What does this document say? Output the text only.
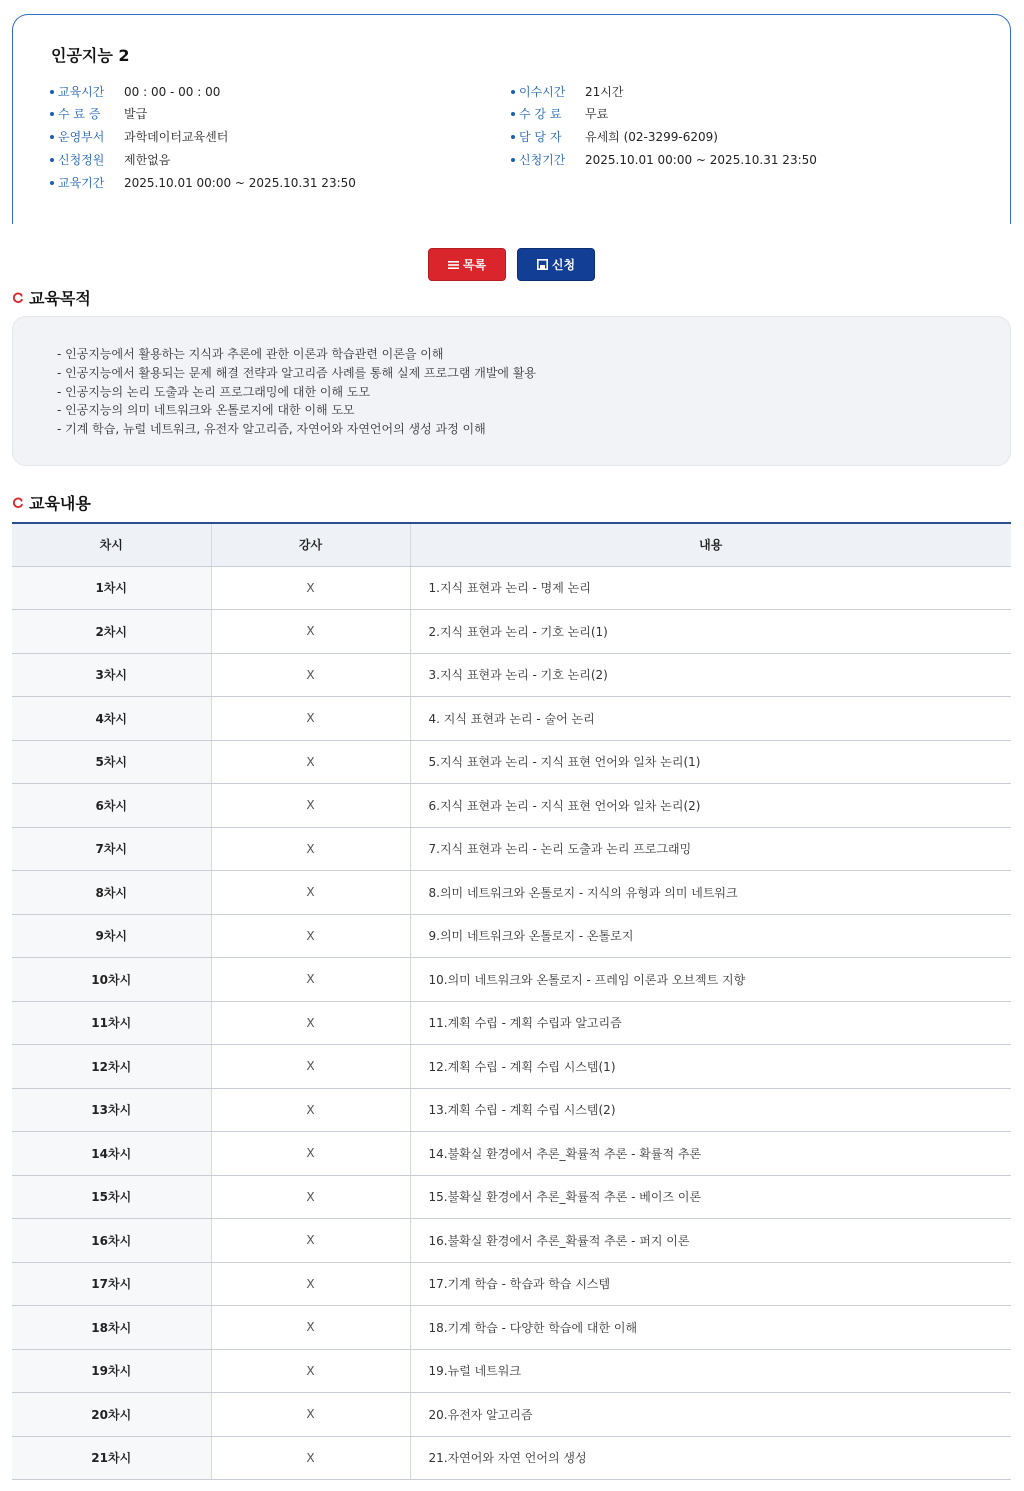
인공지능 2
교육시간	00 : 00 - 00 : 00
수 료 증	발급
운영부서	과학데이터교육센터
신청정원	제한없음
교육기간	2025.10.01 00:00 ~ 2025.10.31 23:50
이수시간	21시간
수 강 료	무료
담 당 자	유세희 (02-3299-6209)
신청기간	2025.10.01 00:00 ~ 2025.10.31 23:50
목록	신청
교육목적
- 인공지능에서 활용하는 지식과 추론에 관한 이론과 학습관련 이론을 이해
- 인공지능에서 활용되는 문제 해결 전략과 알고리즘 사례를 통해 실제 프로그램 개발에 활용
- 인공지능의 논리 도출과 논리 프로그래밍에 대한 이해 도모
- 인공지능의 의미 네트워크와 온톨로지에 대한 이해 도모
- 기계 학습, 뉴럴 네트워크, 유전자 알고리즘, 자연어와 자연언어의 생성 과정 이해
교육내용
차시	강사	내용
1차시	X	1.지식 표현과 논리 - 명제 논리
2차시	X	2.지식 표현과 논리 - 기호 논리(1)
3차시	X	3.지식 표현과 논리 - 기호 논리(2)
4차시	X	4. 지식 표현과 논리 - 술어 논리
5차시	X	5.지식 표현과 논리 - 지식 표현 언어와 일차 논리(1)
6차시	X	6.지식 표현과 논리 - 지식 표현 언어와 일차 논리(2)
7차시	X	7.지식 표현과 논리 - 논리 도출과 논리 프로그래밍
8차시	X	8.의미 네트워크와 온톨로지 - 지식의 유형과 의미 네트워크
9차시	X	9.의미 네트워크와 온톨로지 - 온톨로지
10차시	X	10.의미 네트워크와 온톨로지 - 프레임 이론과 오브젝트 지향
11차시	X	11.계획 수립 - 계획 수립과 알고리즘
12차시	X	12.계획 수립 - 계획 수립 시스템(1)
13차시	X	13.계획 수립 - 계획 수립 시스템(2)
14차시	X	14.불확실 환경에서 추론_확률적 추론 - 확률적 추론
15차시	X	15.불확실 환경에서 추론_확률적 추론 - 베이즈 이론
16차시	X	16.불확실 환경에서 추론_확률적 추론 - 퍼지 이론
17차시	X	17.기계 학습 - 학습과 학습 시스템
18차시	X	18.기계 학습 - 다양한 학습에 대한 이해
19차시	X	19.뉴럴 네트워크
20차시	X	20.유전자 알고리즘
21차시	X	21.자연어와 자연 언어의 생성
